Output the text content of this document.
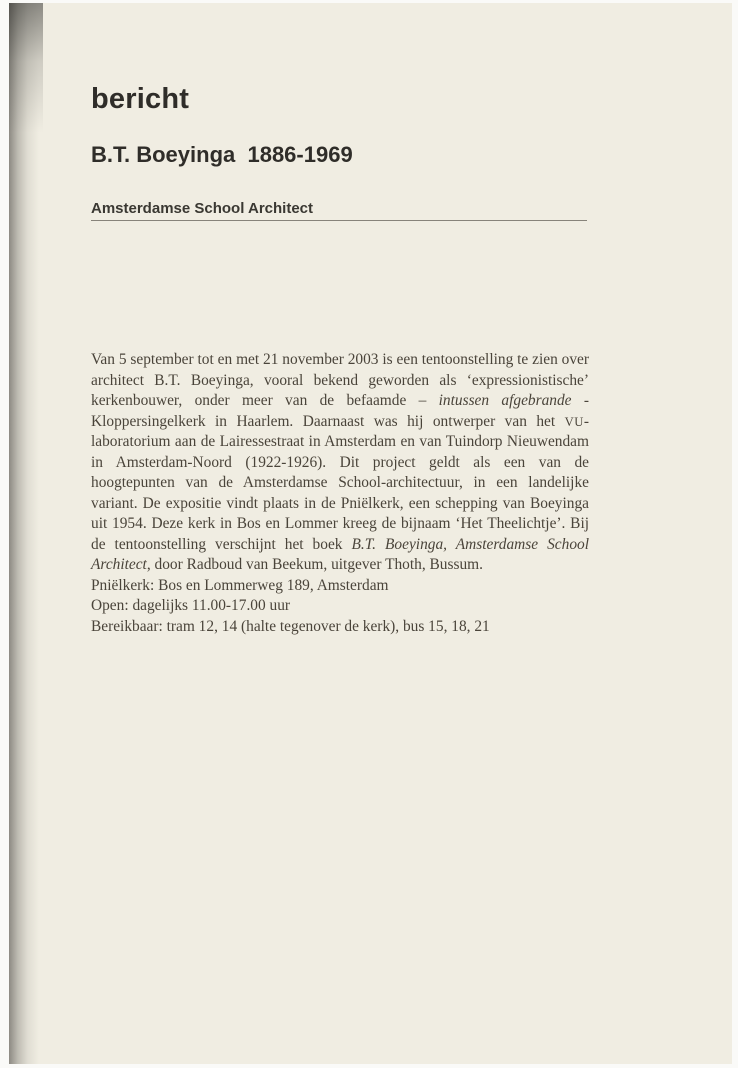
bericht
B.T. Boeyinga  1886-1969
Amsterdamse School Architect

Van 5 september tot en met 21 november 2003 is een tentoonstelling te zien over architect B.T. Boeyinga, vooral bekend geworden als ‘expressionistische’ kerkenbouwer, onder meer van de befaamde – intussen afgebrande - Kloppersingelkerk in Haarlem. Daarnaast was hij ontwerper van het VU-laboratorium aan de Lairessestraat in Amsterdam en van Tuindorp Nieuwendam in Amsterdam-Noord (1922-1926). Dit project geldt als een van de hoogtepunten van de Amsterdamse School-architectuur, in een landelijke variant. De expositie vindt plaats in de Pniëlkerk, een schepping van Boeyinga uit 1954. Deze kerk in Bos en Lommer kreeg de bijnaam ‘Het Theelichtje’. Bij de tentoonstelling verschijnt het boek B.T. Boeyinga, Amsterdamse School Architect, door Radboud van Beekum, uitgever Thoth, Bussum.

Pniëlkerk: Bos en Lommerweg 189, Amsterdam
Open: dagelijks 11.00-17.00 uur
Bereikbaar: tram 12, 14 (halte tegenover de kerk), bus 15, 18, 21
